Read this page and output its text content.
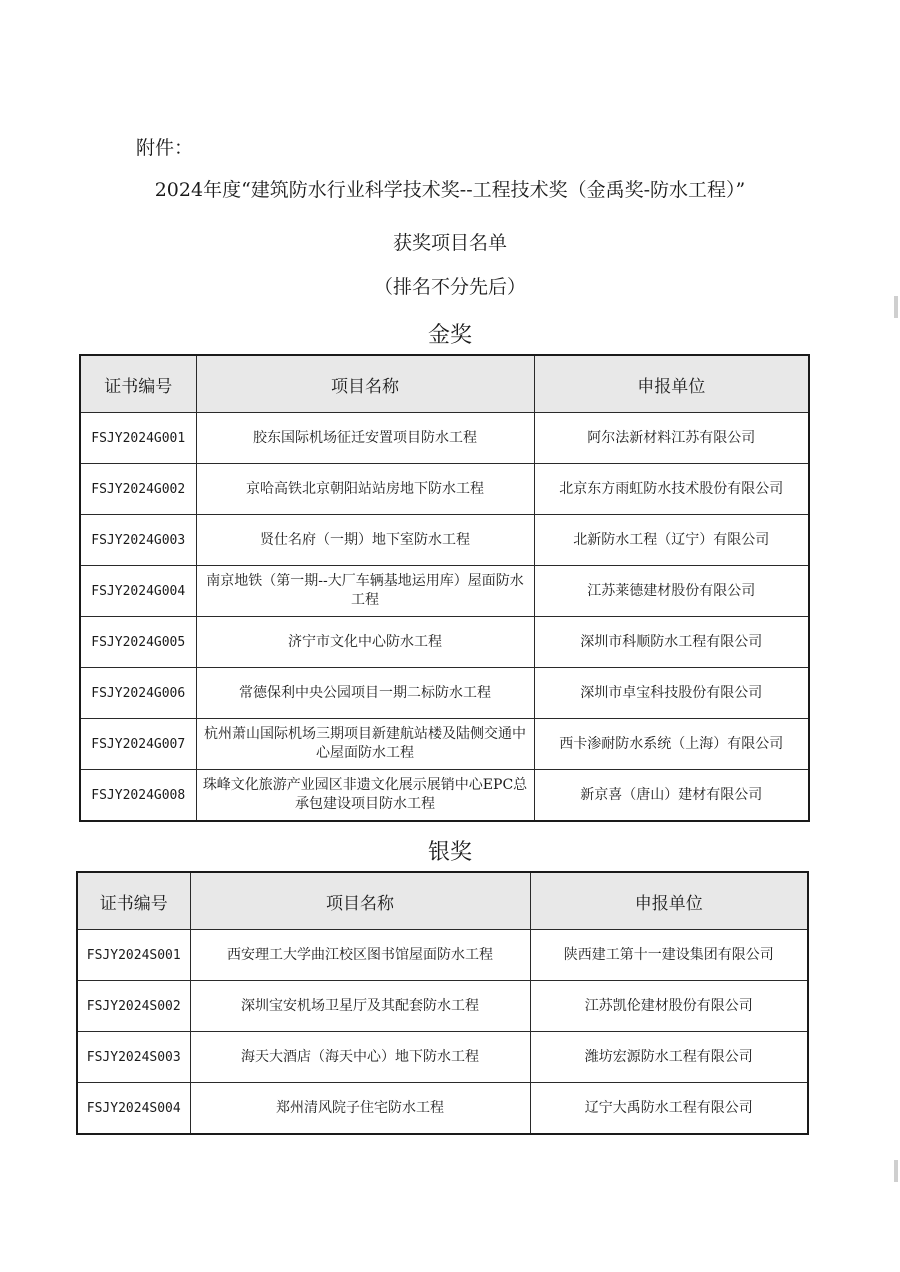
附件：
2024年度“建筑防水行业科学技术奖--工程技术奖（金禹奖-防水工程）”
获奖项目名单
（排名不分先后）
金奖
证书编号	项目名称	申报单位
FSJY2024G001	胶东国际机场征迁安置项目防水工程	阿尔法新材料江苏有限公司
FSJY2024G002	京哈高铁北京朝阳站站房地下防水工程	北京东方雨虹防水技术股份有限公司
FSJY2024G003	贤仕名府（一期）地下室防水工程	北新防水工程（辽宁）有限公司
FSJY2024G004	南京地铁（第一期--大厂车辆基地运用库）屋面防水工程	江苏莱德建材股份有限公司
FSJY2024G005	济宁市文化中心防水工程	深圳市科顺防水工程有限公司
FSJY2024G006	常德保利中央公园项目一期二标防水工程	深圳市卓宝科技股份有限公司
FSJY2024G007	杭州萧山国际机场三期项目新建航站楼及陆侧交通中心屋面防水工程	西卡渗耐防水系统（上海）有限公司
FSJY2024G008	珠峰文化旅游产业园区非遗文化展示展销中心EPC总承包建设项目防水工程	新京喜（唐山）建材有限公司
银奖
证书编号	项目名称	申报单位
FSJY2024S001	西安理工大学曲江校区图书馆屋面防水工程	陕西建工第十一建设集团有限公司
FSJY2024S002	深圳宝安机场卫星厅及其配套防水工程	江苏凯伦建材股份有限公司
FSJY2024S003	海天大酒店（海天中心）地下防水工程	潍坊宏源防水工程有限公司
FSJY2024S004	郑州清风院子住宅防水工程	辽宁大禹防水工程有限公司
